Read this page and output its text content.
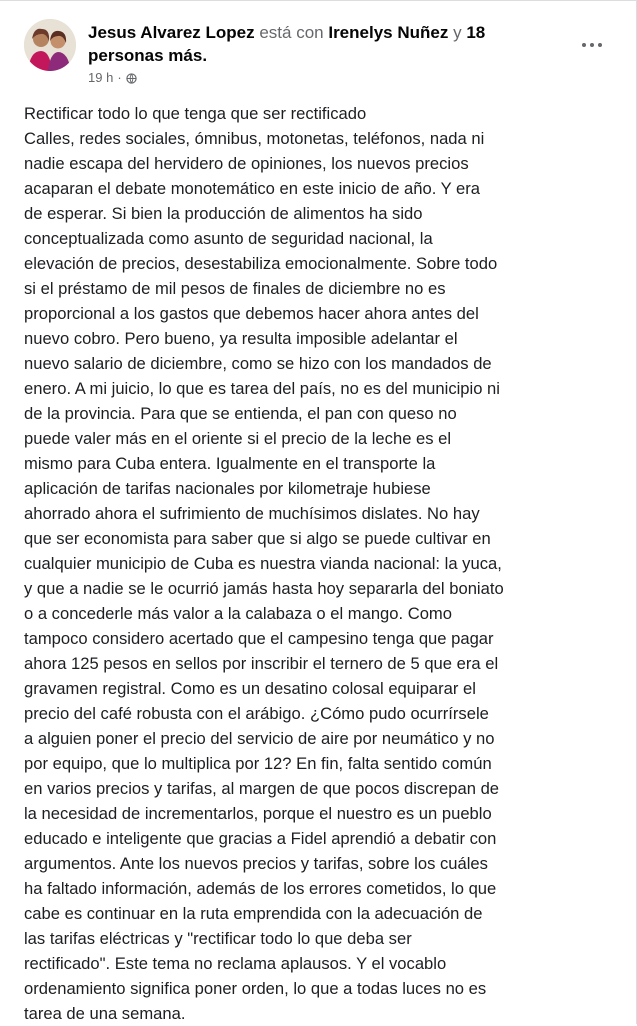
Jesus Alvarez Lopez está con Irenelys Nuñez y 18 personas más.
19 h ·
Rectificar todo lo que tenga que ser rectificado
Calles, redes sociales, ómnibus, motonetas, teléfonos, nada ni
nadie escapa del hervidero de opiniones, los nuevos precios
acaparan el debate monotemático en este inicio de año. Y era
de esperar. Si bien la producción de alimentos ha sido
conceptualizada como asunto de seguridad nacional, la
elevación de precios, desestabiliza emocionalmente. Sobre todo
si el préstamo de mil pesos de finales de diciembre no es
proporcional a los gastos que debemos hacer ahora antes del
nuevo cobro. Pero bueno, ya resulta imposible adelantar el
nuevo salario de diciembre, como se hizo con los mandados de
enero. A mi juicio, lo que es tarea del país, no es del municipio ni
de la provincia. Para que se entienda, el pan con queso no
puede valer más en el oriente si el precio de la leche es el
mismo para Cuba entera. Igualmente en el transporte la
aplicación de tarifas nacionales por kilometraje hubiese
ahorrado ahora el sufrimiento de muchísimos dislates. No hay
que ser economista para saber que si algo se puede cultivar en
cualquier municipio de Cuba es nuestra vianda nacional: la yuca,
y que a nadie se le ocurrió jamás hasta hoy separarla del boniato
o a concederle más valor a la calabaza o el mango. Como
tampoco considero acertado que el campesino tenga que pagar
ahora 125 pesos en sellos por inscribir el ternero de 5 que era el
gravamen registral. Como es un desatino colosal equiparar el
precio del café robusta con el arábigo. ¿Cómo pudo ocurrírsele
a alguien poner el precio del servicio de aire por neumático y no
por equipo, que lo multiplica por 12? En fin, falta sentido común
en varios precios y tarifas, al margen de que pocos discrepan de
la necesidad de incrementarlos, porque el nuestro es un pueblo
educado e inteligente que gracias a Fidel aprendió a debatir con
argumentos. Ante los nuevos precios y tarifas, sobre los cuáles
ha faltado información, además de los errores cometidos, lo que
cabe es continuar en la ruta emprendida con la adecuación de
las tarifas eléctricas y "rectificar todo lo que deba ser
rectificado". Este tema no reclama aplausos. Y el vocablo
ordenamiento significa poner orden, lo que a todas luces no es
tarea de una semana.
